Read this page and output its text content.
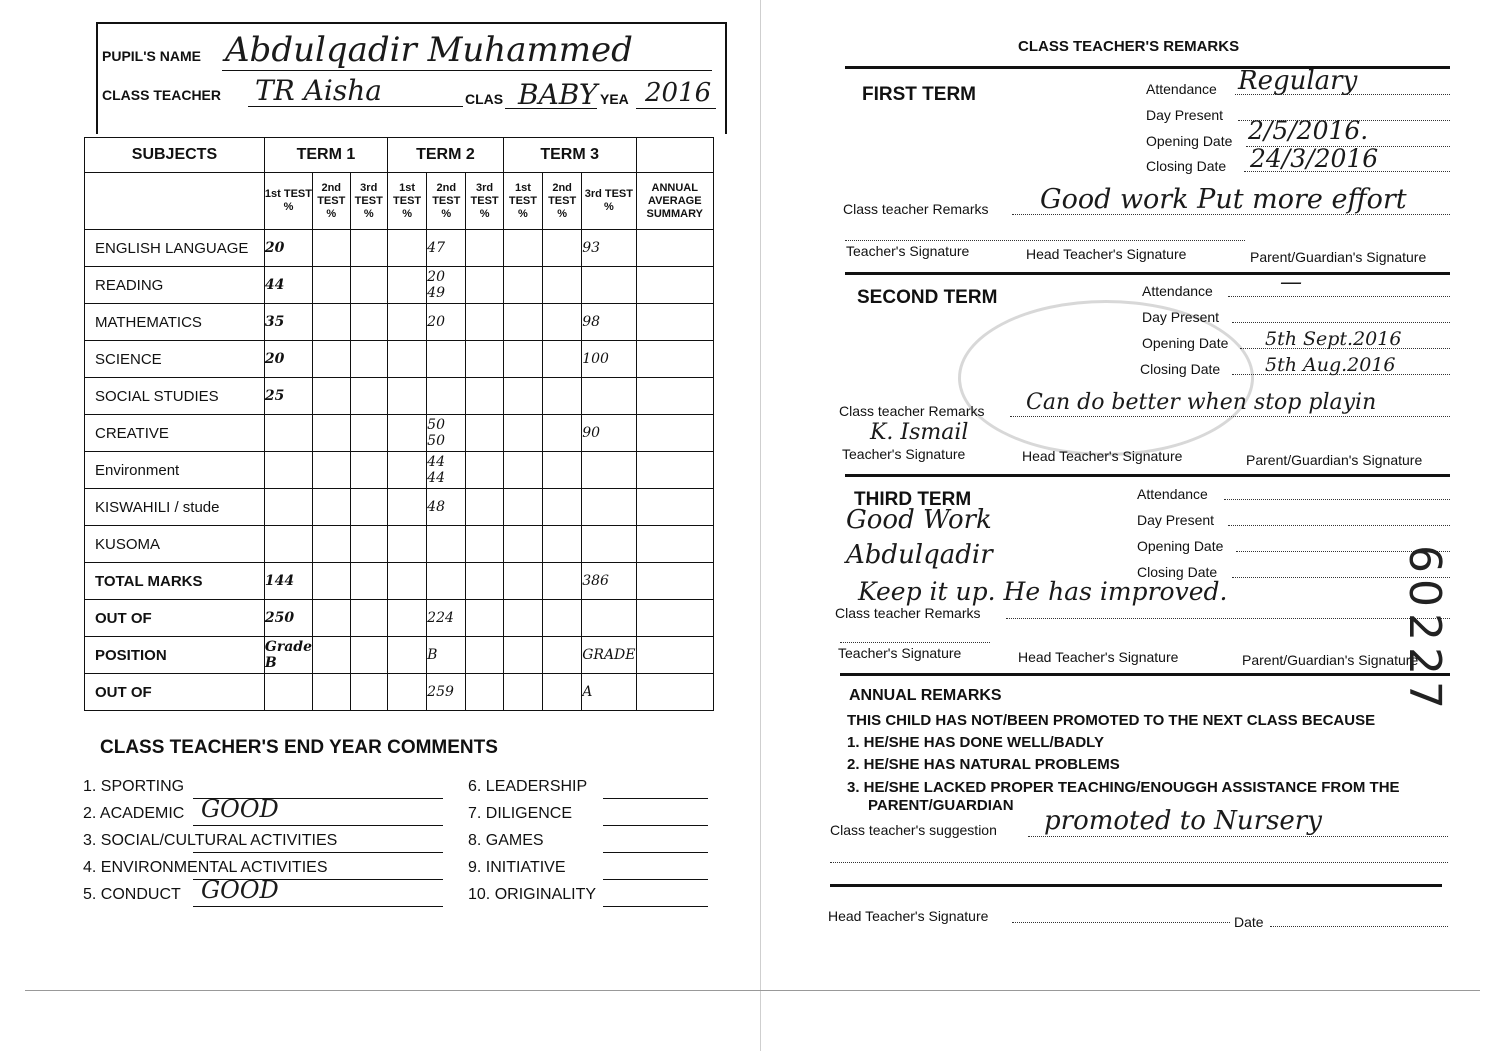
PUPIL'S NAME Abdulqadir Muhammed
CLASS TEACHER TR Aisha	CLAS BABY YEA 2016
SUBJECTS	TERM 1			TERM 2			TERM 3			
	1st TEST %	2nd TEST %	3rd TEST %	1st TEST %	2nd TEST %	3rd TEST %	1st TEST %	2nd TEST %	3rd TEST %	ANNUAL AVERAGE SUMMARY
ENGLISH LANGUAGE	20				47				93	
READING	44				20 49					
MATHEMATICS	35				20				98	
SCIENCE	20								100	
SOCIAL STUDIES	25									
CREATIVE					50 50				90	
Environment					44 44					
KISWAHILI / stude					48					
KUSOMA										
TOTAL MARKS	144								386	
OUT OF	250				224					
POSITION	Grade B				B				GRADE	
OUT OF					259				A	
CLASS TEACHER'S END YEAR COMMENTS
1. SPORTING
2. ACADEMIC GOOD
3. SOCIAL/CULTURAL ACTIVITIES
4. ENVIRONMENTAL ACTIVITIES
5. CONDUCT GOOD
6. LEADERSHIP
7. DILIGENCE
8. GAMES
9. INITIATIVE
10. ORIGINALITY
CLASS TEACHER'S REMARKS
FIRST TERM	Attendance Regulary
Day Present
Opening Date 2/5/2016.
Closing Date 24/3/2016
Class teacher Remarks Good work Put more effort
Teacher's Signature	Head Teacher's Signature	Parent/Guardian's Signature
SECOND TERM	Attendance	—
Day Present
Opening Date 5th Sept.2016
Closing Date 5th Aug.2016
Class teacher Remarks Can do better when stop playin
K. Ismail
Teacher's Signature	Head Teacher's Signature	Parent/Guardian's Signature
THIRD TERM	Attendance
Day Present
Opening Date
Closing Date
Good Work
Abdulqadir
Class teacher Remarks
Keep it up. He has improved.
Teacher's Signature	Head Teacher's Signature	Parent/Guardian's Signature
ANNUAL REMARKS
THIS CHILD HAS NOT/BEEN PROMOTED TO THE NEXT CLASS BECAUSE
1. HE/SHE HAS DONE WELL/BADLY
2. HE/SHE HAS NATURAL PROBLEMS
3. HE/SHE LACKED PROPER TEACHING/ENOUGGH ASSISTANCE FROM THE
PARENT/GUARDIAN
Class teacher's suggestion promoted to Nursery
Head Teacher's Signature	Date
60227
